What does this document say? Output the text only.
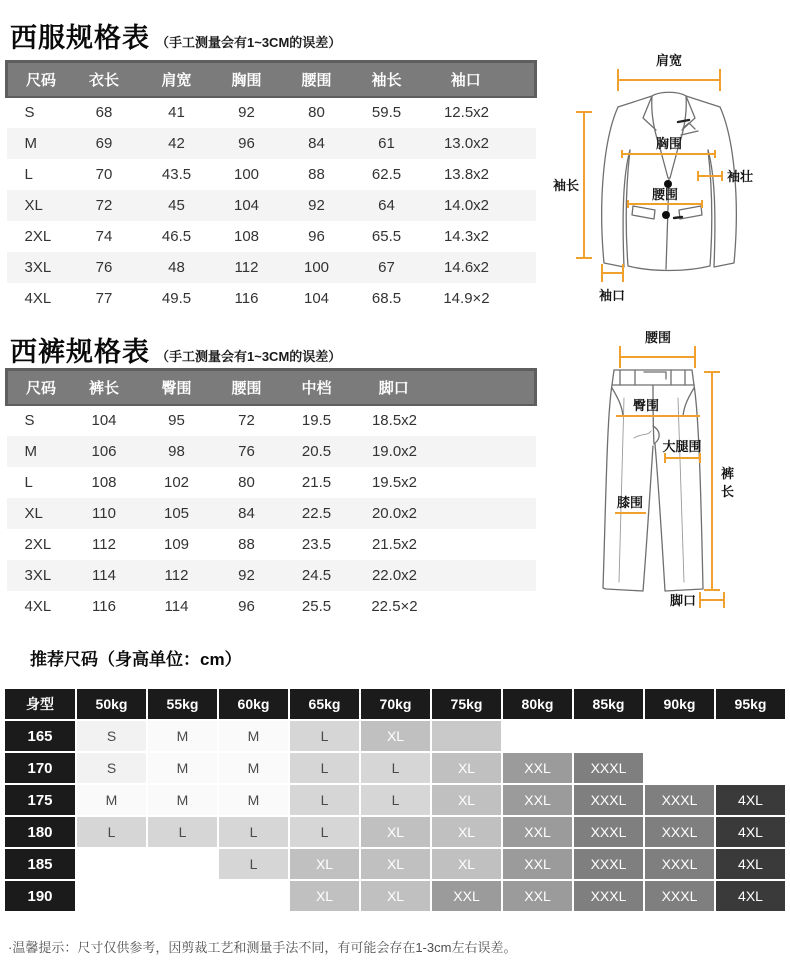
西服规格表 （手工测量会有1~3CM的误差）
尺码	衣长	肩宽	胸围	腰围	袖长	袖口
S	68	41	92	80	59.5	12.5x2
M	69	42	96	84	61	13.0x2
L	70	43.5	100	88	62.5	13.8x2
XL	72	45	104	92	64	14.0x2
2XL	74	46.5	108	96	65.5	14.3x2
3XL	76	48	112	100	67	14.6x2
4XL	77	49.5	116	104	68.5	14.9×2
肩宽
袖长
胸围
袖壮
腰围
袖口
西裤规格表 （手工测量会有1~3CM的误差）
尺码	裤长	臀围	腰围	中档	脚口
S	104	95	72	19.5	18.5x2
M	106	98	76	20.5	19.0x2
L	108	102	80	21.5	19.5x2
XL	110	105	84	22.5	20.0x2
2XL	112	109	88	23.5	21.5x2
3XL	114	112	92	24.5	22.0x2
4XL	116	114	96	25.5	22.5×2
腰围
臀围
大腿围
裤
长
膝围
脚口
推荐尺码（身高单位：cm）
身型	50kg	55kg	60kg	65kg	70kg	75kg	80kg	85kg	90kg	95kg
165	S	M	M	L	XL					
170	S	M	M	L	L	XL	XXL	XXXL		
175	M	M	M	L	L	XL	XXL	XXXL	XXXL	4XL
180	L	L	L	L	XL	XL	XXL	XXXL	XXXL	4XL
185			L	XL	XL	XL	XXL	XXXL	XXXL	4XL
190				XL	XL	XXL	XXL	XXXL	XXXL	4XL
·温馨提示：尺寸仅供参考，因剪裁工艺和测量手法不同，有可能会存在1-3cm左右误差。
